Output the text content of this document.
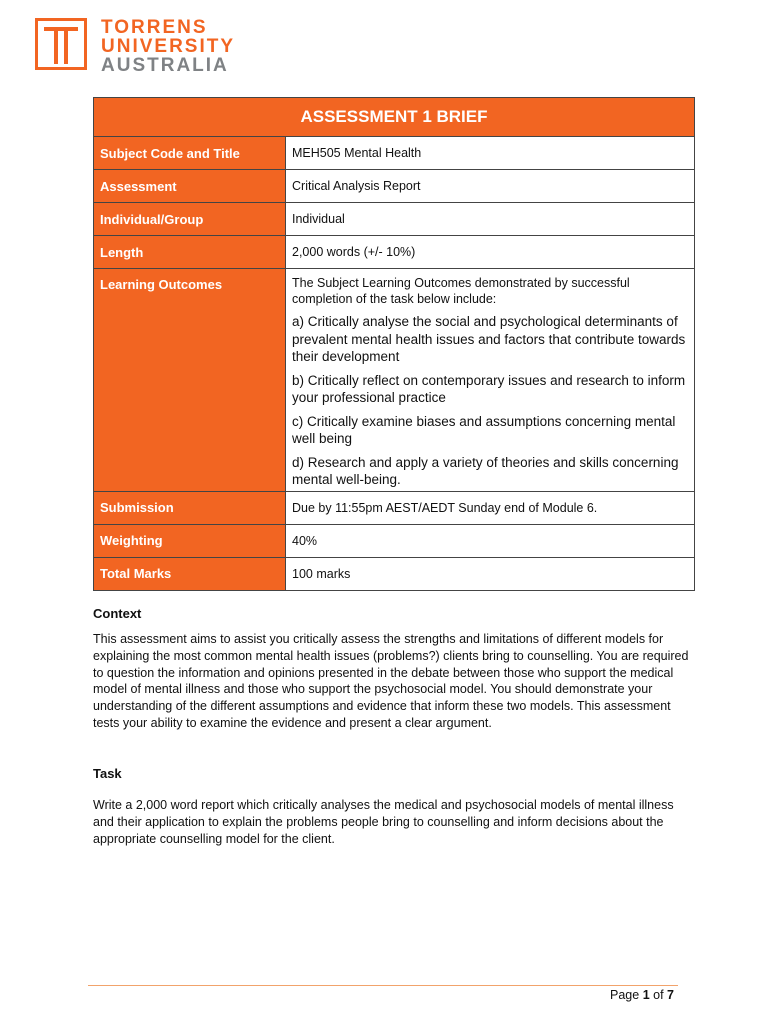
TORRENS
UNIVERSITY
AUSTRALIA
ASSESSMENT 1 BRIEF	
Subject Code and Title	MEH505 Mental Health
Assessment	Critical Analysis Report
Individual/Group	Individual
Length	2,000 words (+/- 10%)
Learning Outcomes	The Subject Learning Outcomes demonstrated by successful completion of the task below include:

a) Critically analyse the social and psychological determinants of prevalent mental health issues and factors that contribute towards their development

b) Critically reflect on contemporary issues and research to inform your professional practice

c) Critically examine biases and assumptions concerning mental well being

d) Research and apply a variety of theories and skills concerning mental well-being.

Submission	Due by 11:55pm AEST/AEDT Sunday end of Module 6.
Weighting	40%
Total Marks	100 marks

Context

This assessment aims to assist you critically assess the strengths and limitations of different models for explaining the most common mental health issues (problems?) clients bring to counselling. You are required to question the information and opinions presented in the debate between those who support the medical model of mental illness and those who support the psychosocial model. You should demonstrate your understanding of the different assumptions and evidence that inform these two models. This assessment tests your ability to examine the evidence and present a clear argument.

Task

Write a 2,000 word report which critically analyses the medical and psychosocial models of mental illness and their application to explain the problems people bring to counselling and inform decisions about the appropriate counselling model for the client.

Page 1 of 7
